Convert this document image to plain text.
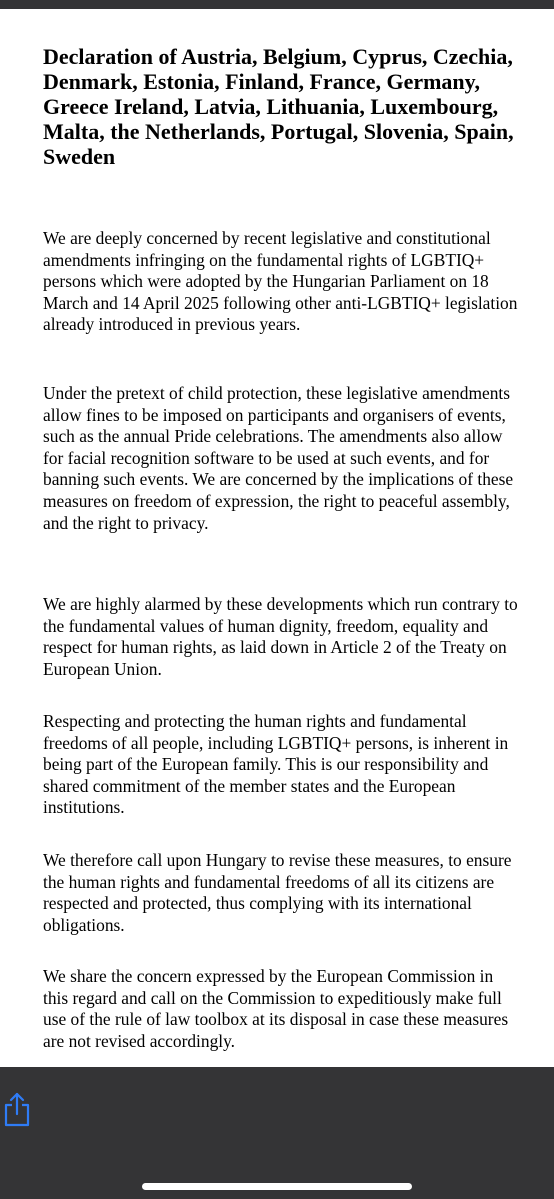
Declaration of Austria, Belgium, Cyprus, Czechia, Denmark, Estonia, Finland, France, Germany, Greece Ireland, Latvia, Lithuania, Luxembourg, Malta, the Netherlands, Portugal, Slovenia, Spain, Sweden

We are deeply concerned by recent legislative and constitutional amendments infringing on the fundamental rights of LGBTIQ+ persons which were adopted by the Hungarian Parliament on 18 March and 14 April 2025 following other anti-LGBTIQ+ legislation already introduced in previous years.

Under the pretext of child protection, these legislative amendments allow fines to be imposed on participants and organisers of events, such as the annual Pride celebrations. The amendments also allow for facial recognition software to be used at such events, and for banning such events. We are concerned by the implications of these measures on freedom of expression, the right to peaceful assembly, and the right to privacy.

We are highly alarmed by these developments which run contrary to the fundamental values of human dignity, freedom, equality and respect for human rights, as laid down in Article 2 of the Treaty on European Union.

Respecting and protecting the human rights and fundamental freedoms of all people, including LGBTIQ+ persons, is inherent in being part of the European family. This is our responsibility and shared commitment of the member states and the European institutions.

We therefore call upon Hungary to revise these measures, to ensure the human rights and fundamental freedoms of all its citizens are respected and protected, thus complying with its international obligations.

We share the concern expressed by the European Commission in this regard and call on the Commission to expeditiously make full use of the rule of law toolbox at its disposal in case these measures are not revised accordingly.
